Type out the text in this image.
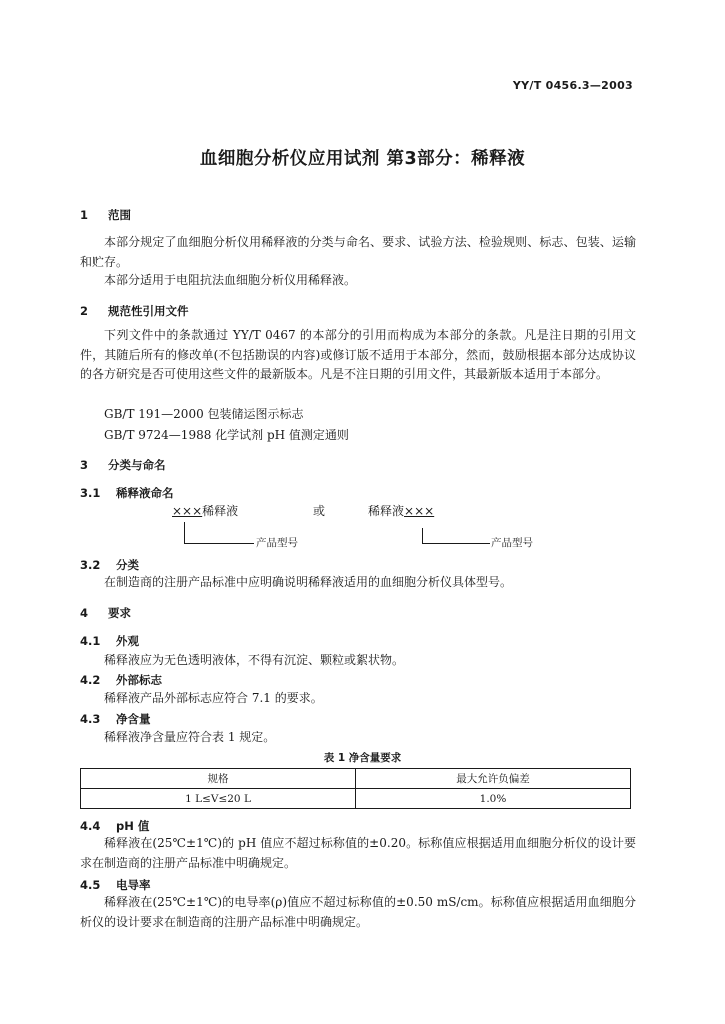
YY/T 0456.3—2003
血细胞分析仪应用试剂 第3部分：稀释液
1 范围
本部分规定了血细胞分析仪用稀释液的分类与命名、要求、试验方法、检验规则、标志、包装、运输和贮存。
本部分适用于电阻抗法血细胞分析仪用稀释液。
2 规范性引用文件
下列文件中的条款通过 YY/T 0467 的本部分的引用而构成为本部分的条款。凡是注日期的引用文件，其随后所有的修改单(不包括勘误的内容)或修订版不适用于本部分，然而，鼓励根据本部分达成协议的各方研究是否可使用这些文件的最新版本。凡是不注日期的引用文件，其最新版本适用于本部分。
GB/T 191—2000 包装储运图示标志
GB/T 9724—1988 化学试剂 pH 值测定通则
3 分类与命名
3.1 稀释液命名
×××稀释液	或	稀释液×××
产品型号	产品型号
3.2 分类
在制造商的注册产品标准中应明确说明稀释液适用的血细胞分析仪具体型号。
4 要求
4.1 外观
稀释液应为无色透明液体，不得有沉淀、颗粒或絮状物。
4.2 外部标志
稀释液产品外部标志应符合 7.1 的要求。
4.3 净含量
稀释液净含量应符合表 1 规定。
表 1 净含量要求
规格	最大允许负偏差
1 L≤V≤20 L	1.0%
4.4 pH 值
稀释液在(25℃±1℃)的 pH 值应不超过标称值的±0.20。标称值应根据适用血细胞分析仪的设计要求在制造商的注册产品标准中明确规定。
4.5 电导率
稀释液在(25℃±1℃)的电导率(ρ)值应不超过标称值的±0.50 mS/cm。标称值应根据适用血细胞分析仪的设计要求在制造商的注册产品标准中明确规定。
